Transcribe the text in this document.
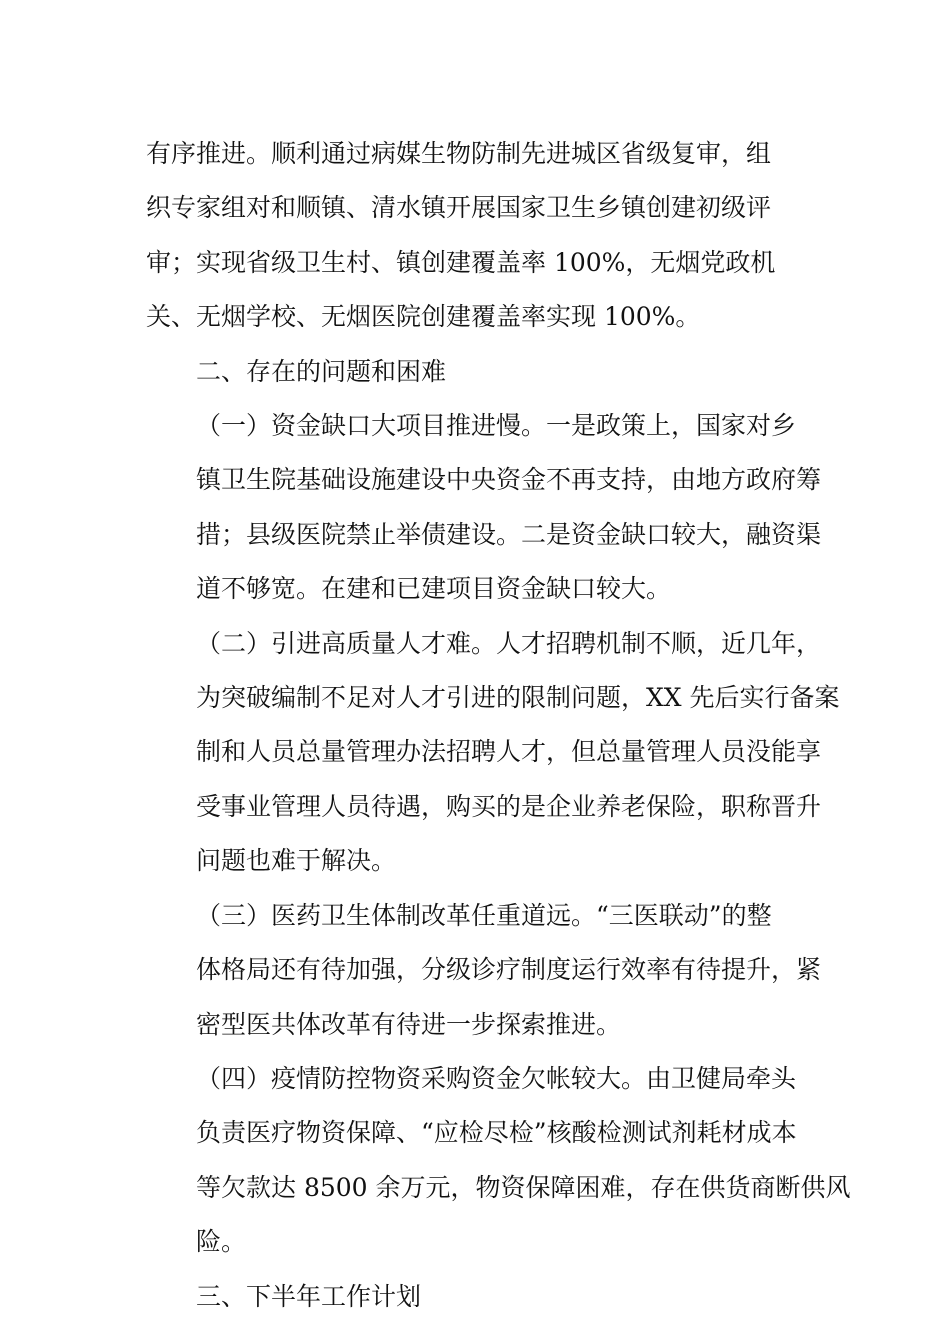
有序推进。顺利通过病媒生物防制先进城区省级复审，组
织专家组对和顺镇、清水镇开展国家卫生乡镇创建初级评
审；实现省级卫生村、镇创建覆盖率 100%，无烟党政机
关、无烟学校、无烟医院创建覆盖率实现 100%。

二、存在的问题和困难

（一）资金缺口大项目推进慢。一是政策上，国家对乡
镇卫生院基础设施建设中央资金不再支持，由地方政府筹
措；县级医院禁止举债建设。二是资金缺口较大，融资渠
道不够宽。在建和已建项目资金缺口较大。

（二）引进高质量人才难。人才招聘机制不顺，近几年，
为突破编制不足对人才引进的限制问题，XX 先后实行备案
制和人员总量管理办法招聘人才，但总量管理人员没能享
受事业管理人员待遇，购买的是企业养老保险，职称晋升
问题也难于解决。

（三）医药卫生体制改革任重道远。“三医联动”的整
体格局还有待加强，分级诊疗制度运行效率有待提升，紧
密型医共体改革有待进一步探索推进。

（四）疫情防控物资采购资金欠帐较大。由卫健局牵头
负责医疗物资保障、“应检尽检”核酸检测试剂耗材成本
等欠款达 8500 余万元，物资保障困难，存在供货商断供风
险。

三、下半年工作计划
